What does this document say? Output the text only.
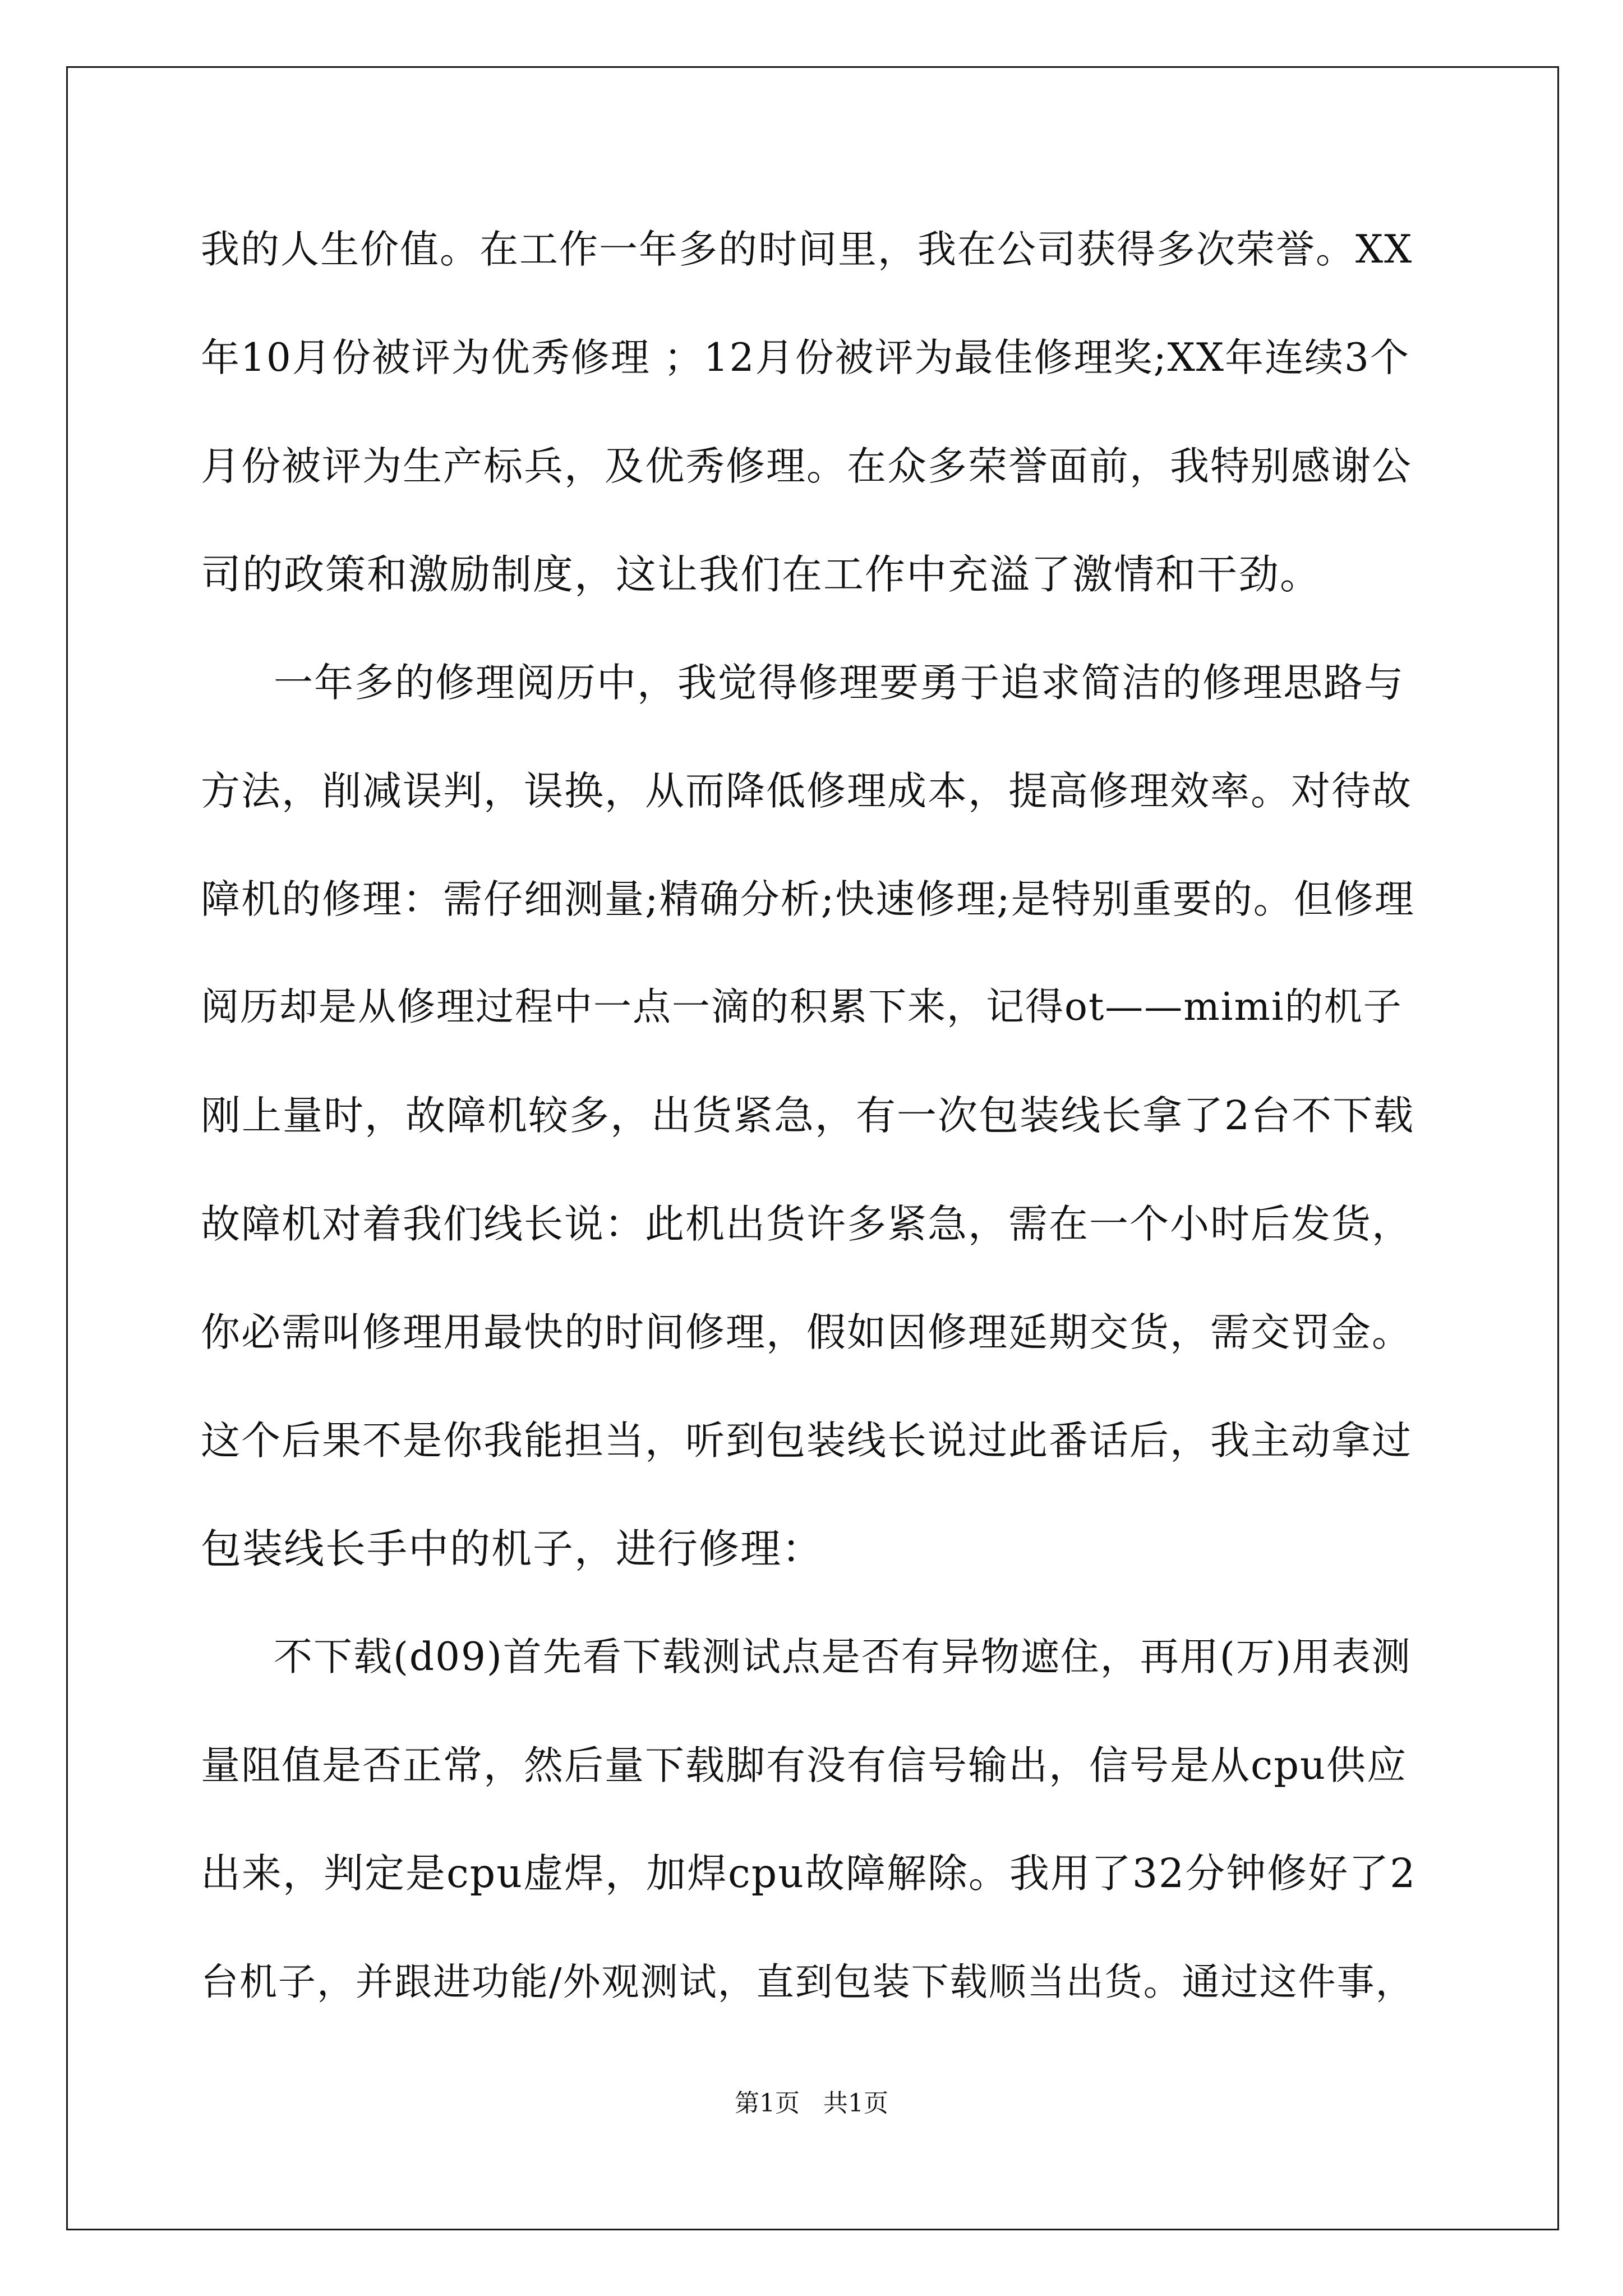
我的人生价值。在工作一年多的时间里，我在公司获得多次荣誉。XX
年10月份被评为优秀修理 ；12月份被评为最佳修理奖;XX年连续3个
月份被评为生产标兵，及优秀修理。在众多荣誉面前，我特别感谢公
司的政策和激励制度，这让我们在工作中充溢了激情和干劲。
一年多的修理阅历中，我觉得修理要勇于追求简洁的修理思路与
方法，削减误判，误换，从而降低修理成本，提高修理效率。对待故
障机的修理：需仔细测量;精确分析;快速修理;是特别重要的。但修理
阅历却是从修理过程中一点一滴的积累下来，记得ot——mimi的机子
刚上量时，故障机较多，出货紧急，有一次包装线长拿了2台不下载
故障机对着我们线长说：此机出货许多紧急，需在一个小时后发货，
你必需叫修理用最快的时间修理，假如因修理延期交货，需交罚金。
这个后果不是你我能担当，听到包装线长说过此番话后，我主动拿过
包装线长手中的机子，进行修理：
不下载(d09)首先看下载测试点是否有异物遮住，再用(万)用表测
量阻值是否正常，然后量下载脚有没有信号输出，信号是从cpu供应
出来，判定是cpu虚焊，加焊cpu故障解除。我用了32分钟修好了2
台机子，并跟进功能/外观测试，直到包装下载顺当出货。通过这件事，
第1页 共1页
